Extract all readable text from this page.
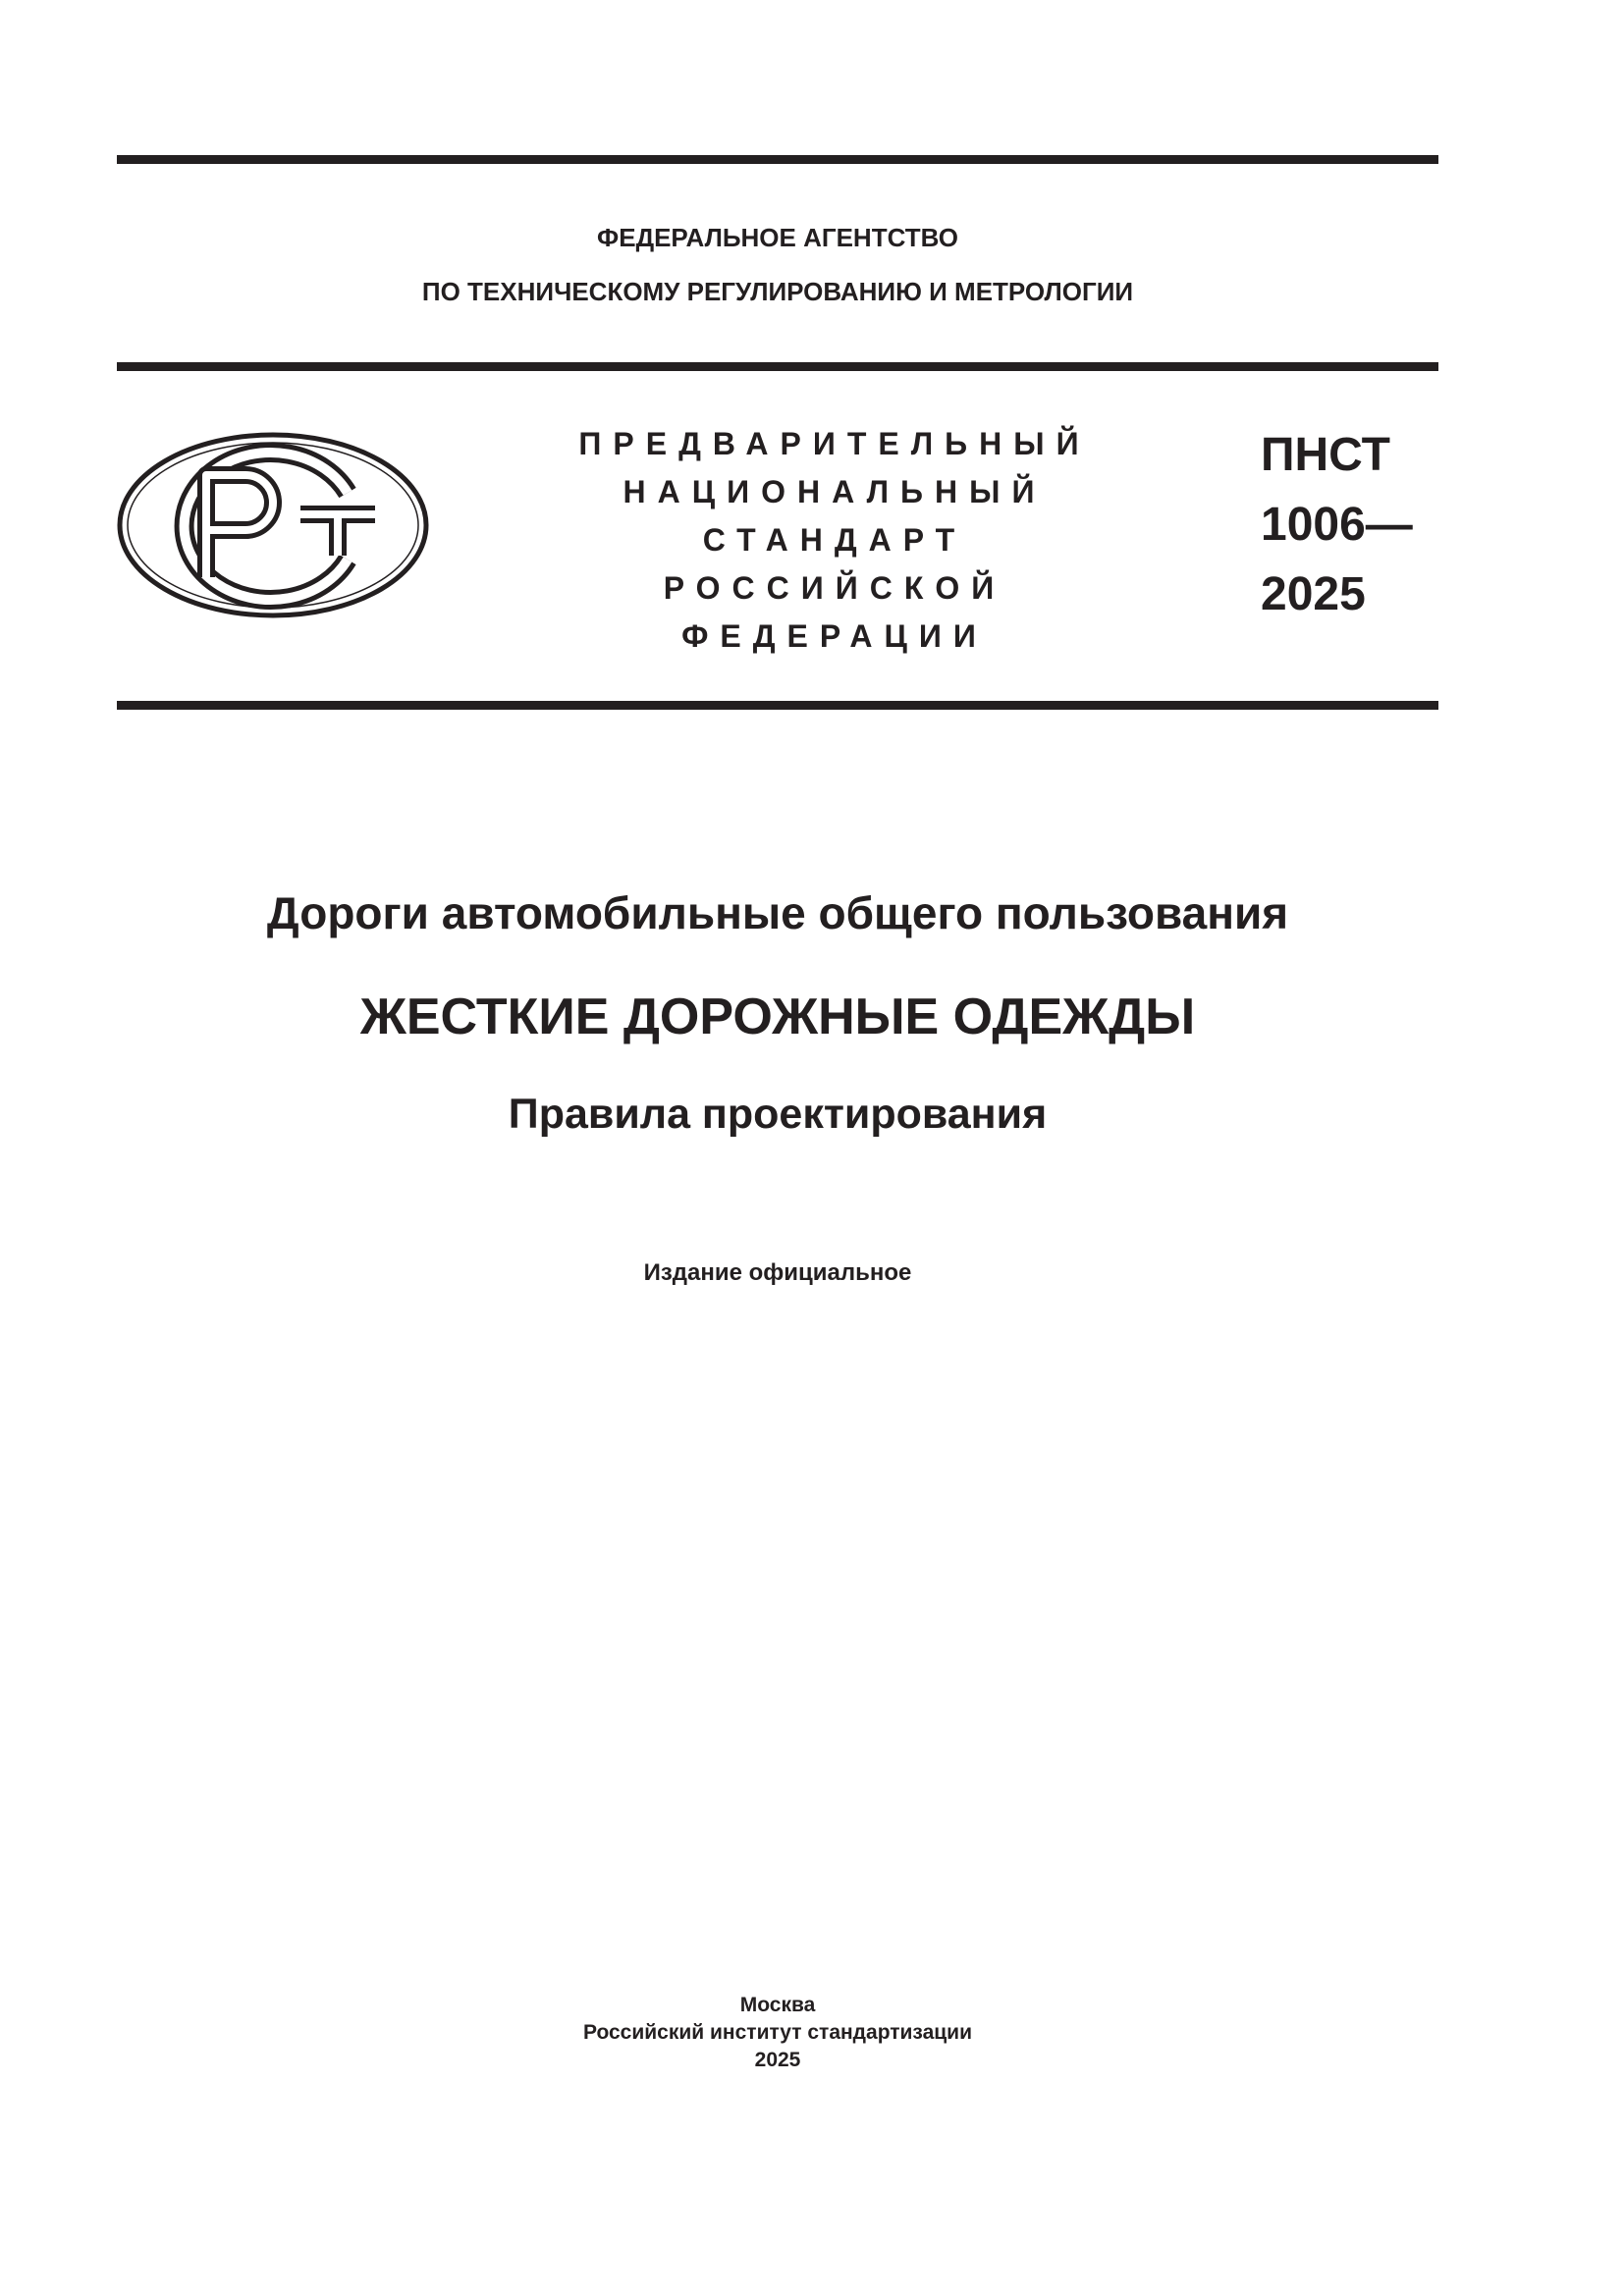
ФЕДЕРАЛЬНОЕ АГЕНТСТВО
ПО ТЕХНИЧЕСКОМУ РЕГУЛИРОВАНИЮ И МЕТРОЛОГИИ
ПРЕДВАРИТЕЛЬНЫЙ
НАЦИОНАЛЬНЫЙ
СТАНДАРТ
РОССИЙСКОЙ
ФЕДЕРАЦИИ
ПНСТ
1006—
2025
Дороги автомобильные общего пользования
ЖЕСТКИЕ ДОРОЖНЫЕ ОДЕЖДЫ
Правила проектирования
Издание официальное
Москва
Российский институт стандартизации
2025
